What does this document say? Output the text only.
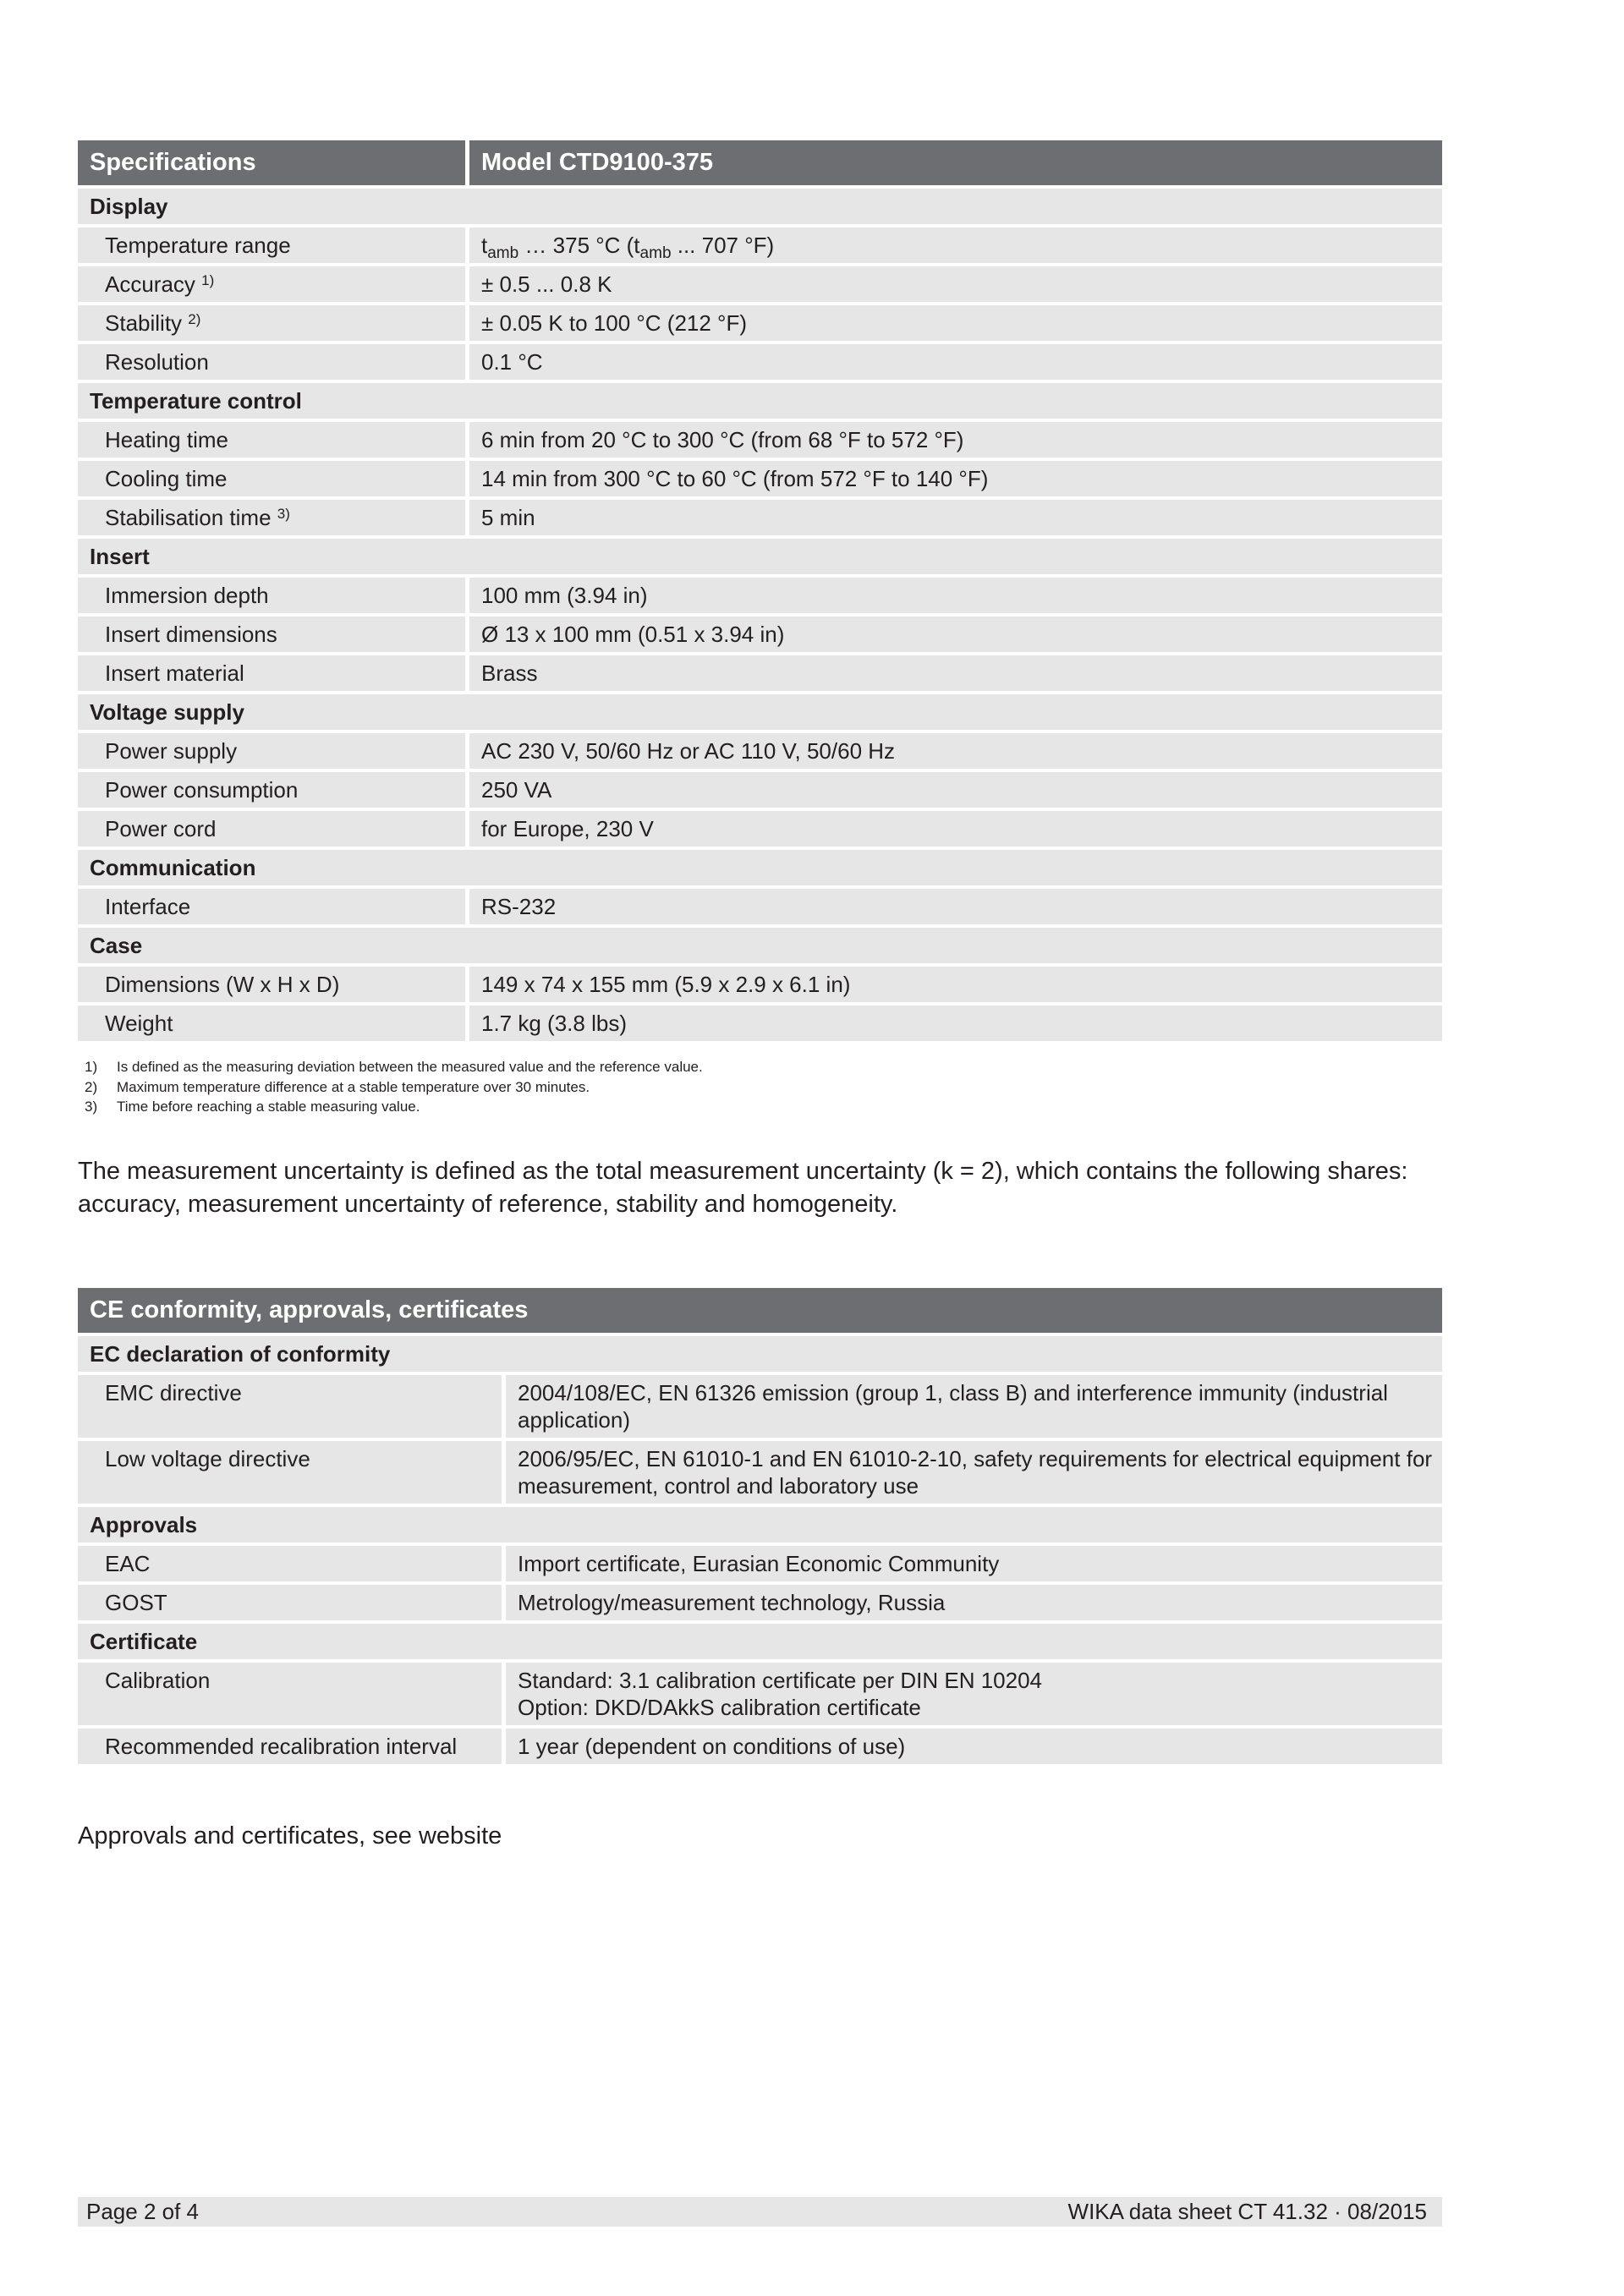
Specifications	Model CTD9100-375
Display
Temperature range	$t_{amb}$ … 375 °C ($t_{amb}$ ... 707 °F)
Accuracy $^{1)}$	± 0.5 ... 0.8 K
Stability $^{2)}$	± 0.05 K to 100 °C (212 °F)
Resolution	0.1 °C
Temperature control
Heating time	6 min from 20 °C to 300 °C (from 68 °F to 572 °F)
Cooling time	14 min from 300 °C to 60 °C (from 572 °F to 140 °F)
Stabilisation time $^{3)}$	5 min
Insert
Immersion depth	100 mm (3.94 in)
Insert dimensions	Ø 13 x 100 mm (0.51 x 3.94 in)
Insert material	Brass
Voltage supply
Power supply	AC 230 V, 50/60 Hz or AC 110 V, 50/60 Hz
Power consumption	250 VA
Power cord	for Europe, 230 V
Communication
Interface	RS-232
Case
Dimensions (W x H x D)	149 x 74 x 155 mm (5.9 x 2.9 x 6.1 in)
Weight	1.7 kg (3.8 lbs)
1) Is defined as the measuring deviation between the measured value and the reference value.
2) Maximum temperature difference at a stable temperature over 30 minutes.
3) Time before reaching a stable measuring value.
The measurement uncertainty is defined as the total measurement uncertainty (k = 2), which contains the following shares: accuracy, measurement uncertainty of reference, stability and homogeneity.
CE conformity, approvals, certificates
EC declaration of conformity
EMC directive	2004/108/EC, EN 61326 emission (group 1, class B) and interference immunity (industrial application)
Low voltage directive	2006/95/EC, EN 61010-1 and EN 61010-2-10, safety requirements for electrical equipment for measurement, control and laboratory use
Approvals
EAC	Import certificate, Eurasian Economic Community
GOST	Metrology/measurement technology, Russia
Certificate
Calibration	Standard: 3.1 calibration certificate per DIN EN 10204
Option: DKD/DAkkS calibration certificate
Recommended recalibration interval	1 year (dependent on conditions of use)
Approvals and certificates, see website
Page 2 of 4	WIKA data sheet CT 41.32 · 08/2015
